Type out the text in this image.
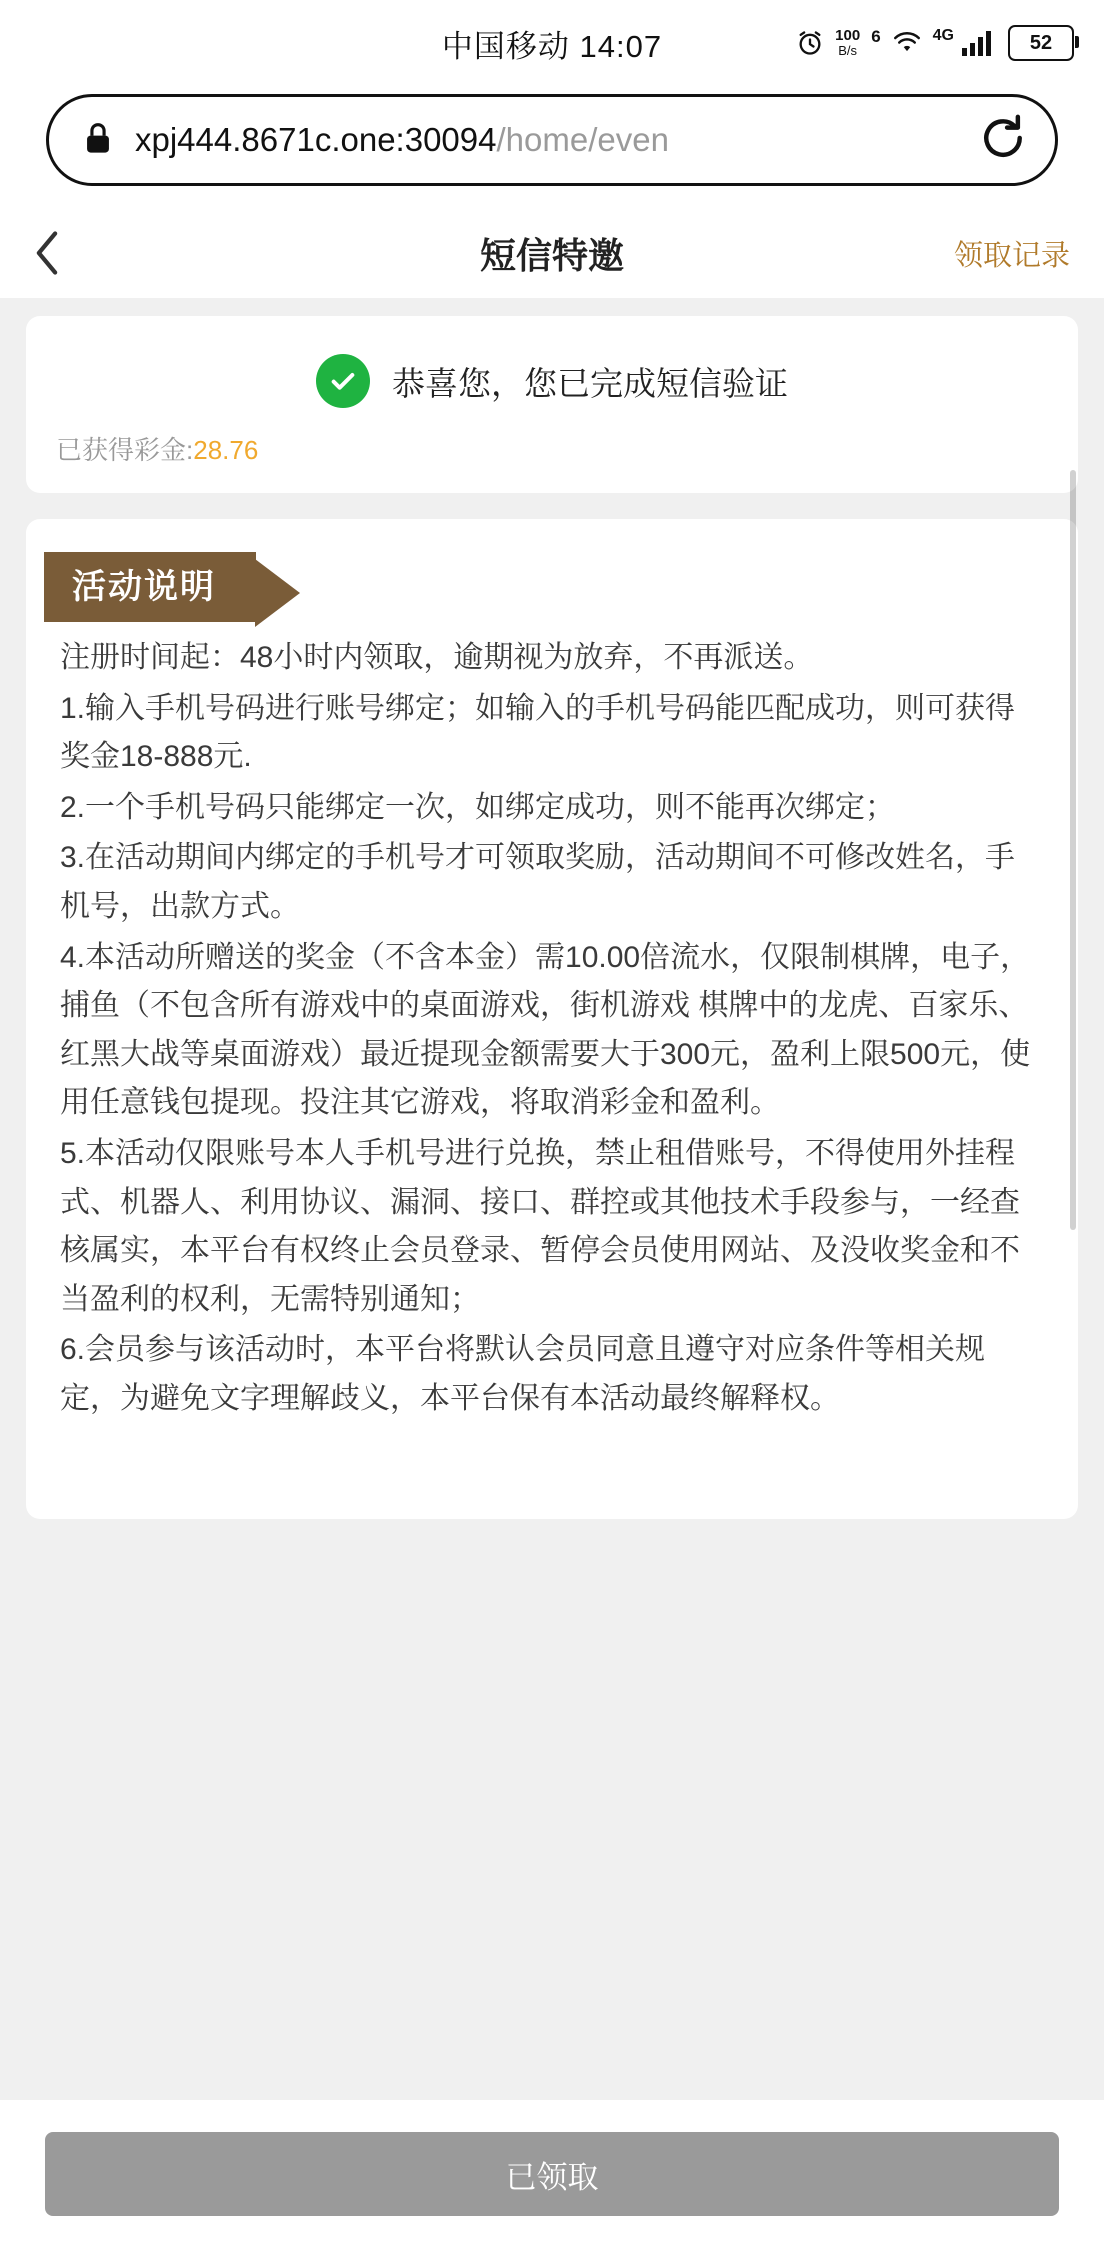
中国移动 14:07	100
B/s
6	4G	52
xpj444.8671c.one:30094/home/even
短信特邀	领取记录
恭喜您，您已完成短信验证
已获得彩金:28.76
活动说明

注册时间起：48小时内领取，逾期视为放弃，不再派送。

1.输入手机号码进行账号绑定；如输入的手机号码能匹配成功，则可获得奖金18-888元.

2.一个手机号码只能绑定一次，如绑定成功，则不能再次绑定；

3.在活动期间内绑定的手机号才可领取奖励，活动期间不可修改姓名，手机号，出款方式。

4.本活动所赠送的奖金（不含本金）需10.00倍流水，仅限制棋牌，电子，捕鱼（不包含所有游戏中的桌面游戏，街机游戏 棋牌中的龙虎、百家乐、红黑大战等桌面游戏）最近提现金额需要大于300元，盈利上限500元，使用任意钱包提现。投注其它游戏，将取消彩金和盈利。

5.本活动仅限账号本人手机号进行兑换，禁止租借账号，不得使用外挂程式、机器人、利用协议、漏洞、接口、群控或其他技术手段参与，一经查核属实，本平台有权终止会员登录、暂停会员使用网站、及没收奖金和不当盈利的权利，无需特别通知；

6.会员参与该活动时，本平台将默认会员同意且遵守对应条件等相关规定，为避免文字理解歧义，本平台保有本活动最终解释权。

已领取
